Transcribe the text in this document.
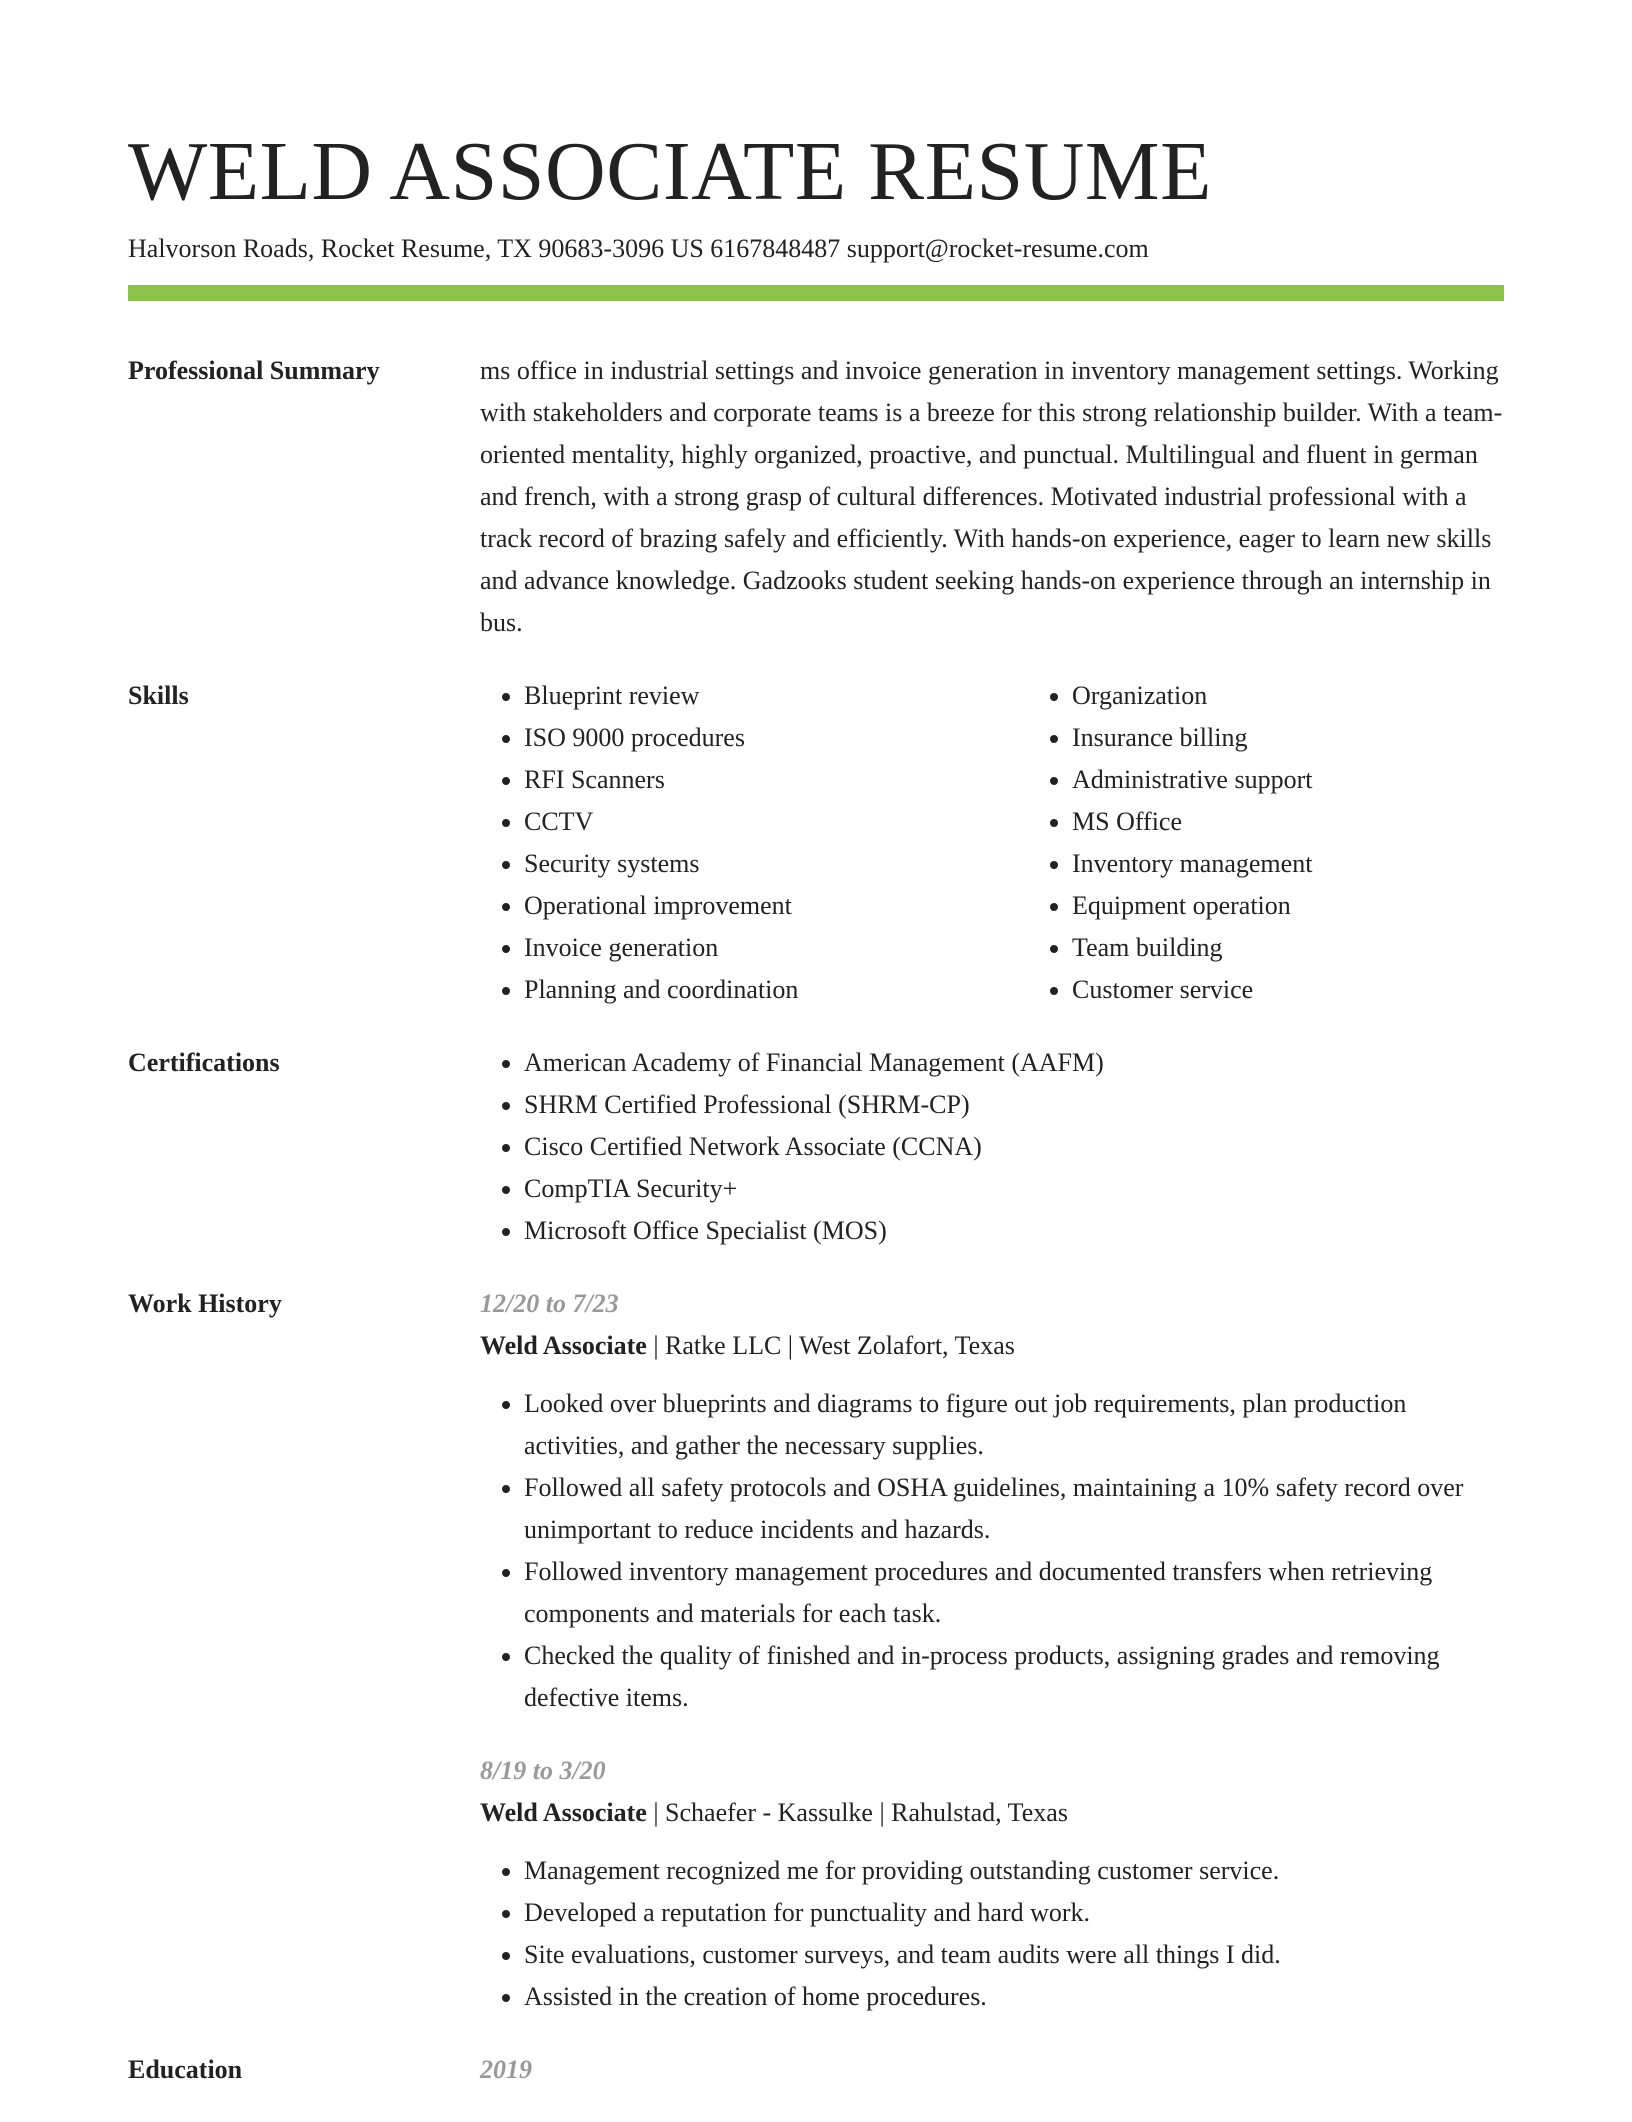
WELD ASSOCIATE RESUME
Halvorson Roads, Rocket Resume, TX 90683-3096 US 6167848487 support@rocket-resume.com
Professional Summary	ms office in industrial settings and invoice generation in inventory management settings. Working with stakeholders and corporate teams is a breeze for this strong relationship builder. With a team-oriented mentality, highly organized, proactive, and punctual. Multilingual and fluent in german and french, with a strong grasp of cultural differences. Motivated industrial professional with a track record of brazing safely and efficiently. With hands-on experience, eager to learn new skills and advance knowledge. Gadzooks student seeking hands-on experience through an internship in bus.

Skills	• Blueprint review
• ISO 9000 procedures
• RFI Scanners
• CCTV
• Security systems
• Operational improvement
• Invoice generation
• Planning and coordination
• Organization
• Insurance billing
• Administrative support
• MS Office
• Inventory management
• Equipment operation
• Team building
• Customer service
Certifications	• American Academy of Financial Management (AAFM)
• SHRM Certified Professional (SHRM-CP)
• Cisco Certified Network Associate (CCNA)
• CompTIA Security+
• Microsoft Office Specialist (MOS)
Work History	12/20 to 7/23
Weld Associate | Ratke LLC | West Zolafort, Texas
• Looked over blueprints and diagrams to figure out job requirements, plan production activities, and gather the necessary supplies.
• Followed all safety protocols and OSHA guidelines, maintaining a 10% safety record over unimportant to reduce incidents and hazards.
• Followed inventory management procedures and documented transfers when retrieving components and materials for each task.
• Checked the quality of finished and in-process products, assigning grades and removing defective items.
8/19 to 3/20
Weld Associate | Schaefer - Kassulke | Rahulstad, Texas
• Management recognized me for providing outstanding customer service.
• Developed a reputation for punctuality and hard work.
• Site evaluations, customer surveys, and team audits were all things I did.
• Assisted in the creation of home procedures.
Education	2019
